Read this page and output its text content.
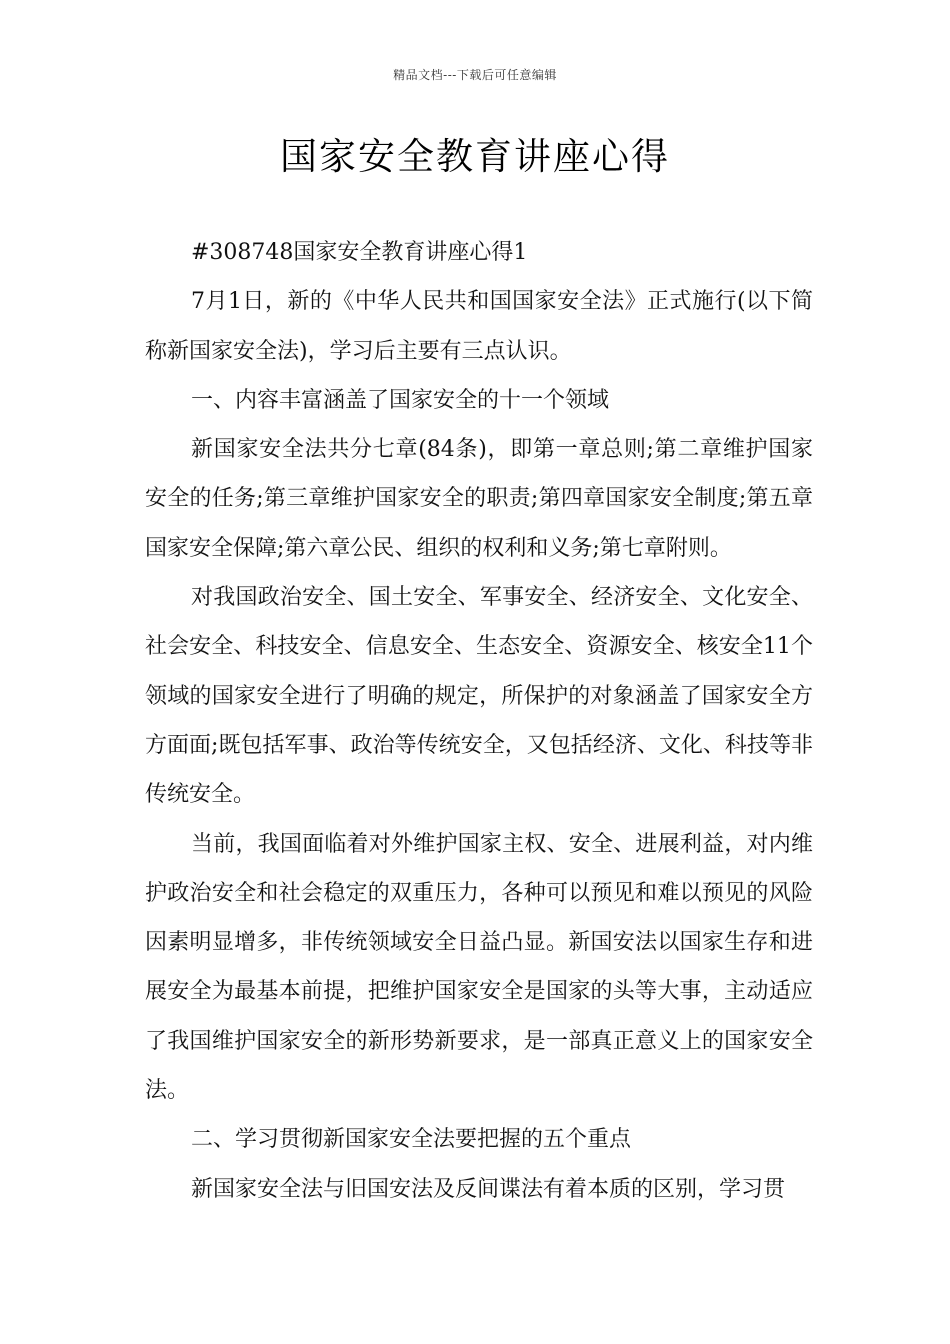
精品文档---下载后可任意编辑
国家安全教育讲座心得

#308748国家安全教育讲座心得1

7月1日，新的《中华人民共和国国家安全法》正式施行(以下简称新国家安全法)，学习后主要有三点认识。

一、内容丰富涵盖了国家安全的十一个领域

新国家安全法共分七章(84条)，即第一章总则;第二章维护国家安全的任务;第三章维护国家安全的职责;第四章国家安全制度;第五章国家安全保障;第六章公民、组织的权利和义务;第七章附则。

对我国政治安全、国土安全、军事安全、经济安全、文化安全、社会安全、科技安全、信息安全、生态安全、资源安全、核安全11个领域的国家安全进行了明确的规定，所保护的对象涵盖了国家安全方方面面;既包括军事、政治等传统安全，又包括经济、文化、科技等非传统安全。

当前，我国面临着对外维护国家主权、安全、进展利益，对内维护政治安全和社会稳定的双重压力，各种可以预见和难以预见的风险因素明显增多，非传统领域安全日益凸显。新国安法以国家生存和进展安全为最基本前提，把维护国家安全是国家的头等大事，主动适应了我国维护国家安全的新形势新要求，是一部真正意义上的国家安全法。

二、学习贯彻新国家安全法要把握的五个重点

新国家安全法与旧国安法及反间谍法有着本质的区别，学习贯
